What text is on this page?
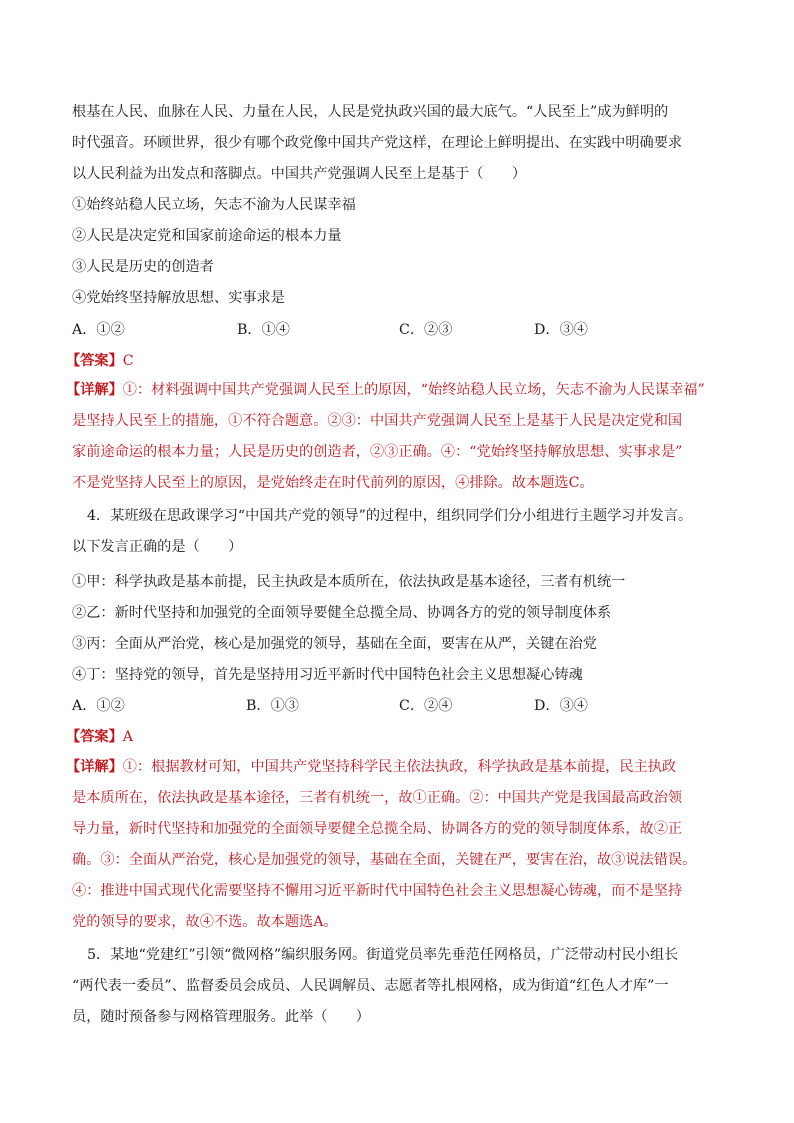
根基在人民、血脉在人民、力量在人民，人民是党执政兴国的最大底气。“人民至上”成为鲜明的
时代强音。环顾世界，很少有哪个政党像中国共产党这样，在理论上鲜明提出、在实践中明确要求
以人民利益为出发点和落脚点。中国共产党强调人民至上是基于（　　）
①始终站稳人民立场，矢志不渝为人民谋幸福
②人民是决定党和国家前途命运的根本力量
③人民是历史的创造者
④党始终坚持解放思想、实事求是
A．①②	B．①④	C．②③	D．③④
【答案】C
【详解】①：材料强调中国共产党强调人民至上的原因，“始终站稳人民立场，矢志不渝为人民谋幸福”
是坚持人民至上的措施，①不符合题意。②③：中国共产党强调人民至上是基于人民是决定党和国
家前途命运的根本力量；人民是历史的创造者，②③正确。④：“党始终坚持解放思想、实事求是”
不是党坚持人民至上的原因，是党始终走在时代前列的原因，④排除。故本题选C。
4．某班级在思政课学习“中国共产党的领导”的过程中，组织同学们分小组进行主题学习并发言。
以下发言正确的是（　　）
①甲：科学执政是基本前提，民主执政是本质所在，依法执政是基本途径，三者有机统一
②乙：新时代坚持和加强党的全面领导要健全总揽全局、协调各方的党的领导制度体系
③丙：全面从严治党，核心是加强党的领导，基础在全面，要害在从严，关键在治党
④丁：坚持党的领导，首先是坚持用习近平新时代中国特色社会主义思想凝心铸魂
A．①②	B．①③	C．②④	D．③④
【答案】A
【详解】①：根据教材可知，中国共产党坚持科学民主依法执政，科学执政是基本前提，民主执政
是本质所在，依法执政是基本途径，三者有机统一，故①正确。②：中国共产党是我国最高政治领
导力量，新时代坚持和加强党的全面领导要健全总揽全局、协调各方的党的领导制度体系，故②正
确。③：全面从严治党，核心是加强党的领导，基础在全面，关键在严，要害在治，故③说法错误。
④：推进中国式现代化需要坚持不懈用习近平新时代中国特色社会主义思想凝心铸魂，而不是坚持
党的领导的要求，故④不选。故本题选A。
5．某地“党建红”引领“微网格”编织服务网。街道党员率先垂范任网格员，广泛带动村民小组长
“两代表一委员”、监督委员会成员、人民调解员、志愿者等扎根网格，成为街道“红色人才库”一
员，随时预备参与网格管理服务。此举（　　）
